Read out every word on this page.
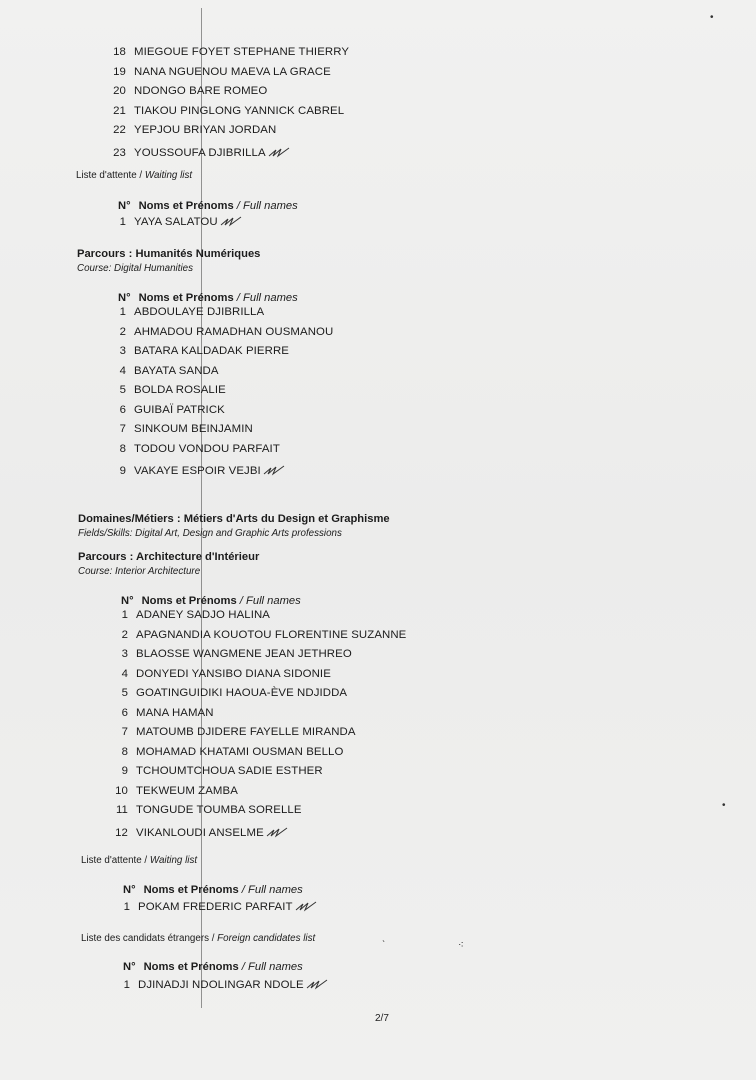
18 MIEGOUE FOYET STEPHANE THIERRY
19 NANA NGUENOU MAEVA LA GRACE
20 NDONGO BARE ROMEO
21 TIAKOU PINGLONG YANNICK CABREL
22 YEPJOU BRIYAN JORDAN
23 YOUSSOUFA DJIBRILLA
Liste d'attente / Waiting list
N° Noms et Prénoms / Full names
1 YAYA SALATOU
Parcours : Humanités Numériques
Course: Digital Humanities
N° Noms et Prénoms / Full names
1 ABDOULAYE DJIBRILLA
2 AHMADOU RAMADHAN OUSMANOU
3 BATARA KALDADAK PIERRE
4 BAYATA SANDA
5 BOLDA ROSALIE
6 GUIBAÏ PATRICK
7 SINKOUM BEINJAMIN
8 TODOU VONDOU PARFAIT
9 VAKAYE ESPOIR VEJBI
Domaines/Métiers : Métiers d'Arts du Design et Graphisme
Fields/Skills: Digital Art, Design and Graphic Arts professions
Parcours : Architecture d'Intérieur
Course: Interior Architecture
N° Noms et Prénoms / Full names
1 ADANEY SADJO HALINA
2 APAGNANDIA KOUOTOU FLORENTINE SUZANNE
3 BLAOSSE WANGMENE JEAN JETHREO
4 DONYEDI YANSIBO DIANA SIDONIE
5 GOATINGUIDIKI HAOUA-ÈVE NDJIDDA
6 MANA HAMAN
7 MATOUMB DJIDERE FAYELLE MIRANDA
8 MOHAMAD KHATAMI OUSMAN BELLO
9 TCHOUMTCHOUA SADIE ESTHER
10 TEKWEUM ZAMBA
11 TONGUDE TOUMBA SORELLE
12 VIKANLOUDI ANSELME
Liste d'attente / Waiting list
N° Noms et Prénoms / Full names
1 POKAM FREDERIC PARFAIT
Liste des candidats étrangers / Foreign candidates list
N° Noms et Prénoms / Full names
1 DJINADJI NDOLINGAR NDOLE
2/7
•
ˋ	⁖
•
